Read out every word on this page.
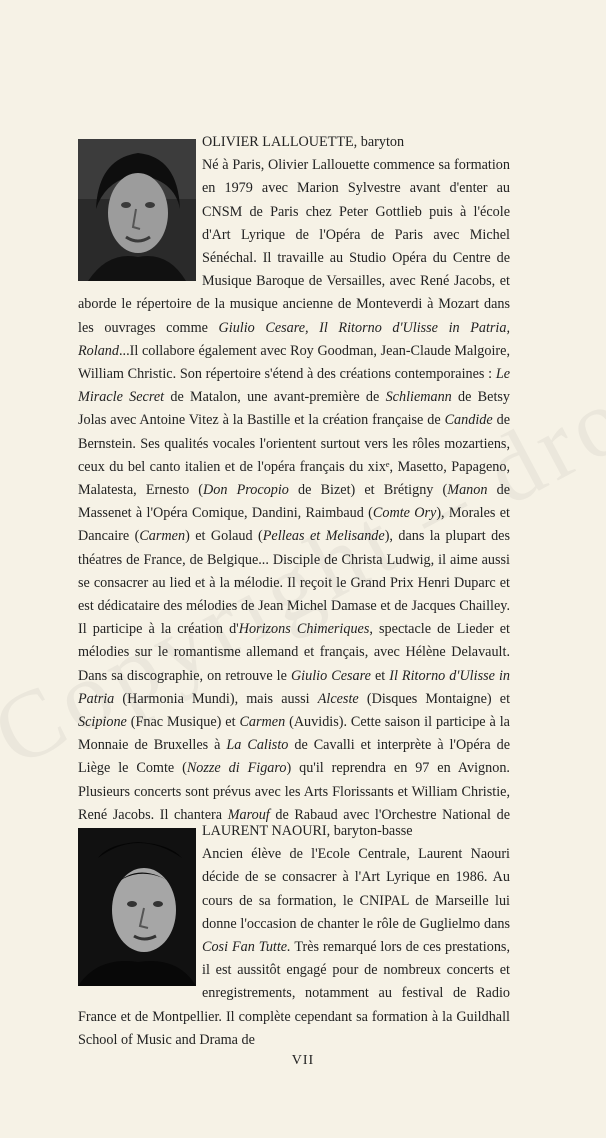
OLIVIER LALLOUETTE, baryton
Né à Paris, Olivier Lallouette commence sa formation en 1979 avec Marion Sylvestre avant d'enter au CNSM de Paris chez Peter Gottlieb puis à l'école d'Art Lyrique de l'Opéra de Paris avec Michel Sénéchal. Il travaille au Studio Opéra du Centre de Musique Baroque de Versailles, avec René Jacobs, et aborde le répertoire de la musique ancienne de Monteverdi à Mozart dans les ouvrages comme Giulio Cesare, Il Ritorno d'Ulisse in Patria, Roland...Il collabore également avec Roy Goodman, Jean-Claude Malgoire, William Christic. Son répertoire s'étend à des créations contemporaines : Le Miracle Secret de Matalon, une avant-première de Schliemann de Betsy Jolas avec Antoine Vitez à la Bastille et la création française de Candide de Bernstein. Ses qualités vocales l'orientent surtout vers les rôles mozartiens, ceux du bel canto italien et de l'opéra français du xixᵉ, Masetto, Papageno, Malatesta, Ernesto (Don Procopio de Bizet) et Brétigny (Manon de Massenet à l'Opéra Comique, Dandini, Raimbaud (Comte Ory), Morales et Dancaire (Carmen) et Golaud (Pelleas et Melisande), dans la plupart des théatres de France, de Belgique... Disciple de Christa Ludwig, il aime aussi se consacrer au lied et à la mélodie. Il reçoit le Grand Prix Henri Duparc et est dédicataire des mélodies de Jean Michel Damase et de Jacques Chailley. Il participe à la création d'Horizons Chimeriques, spectacle de Lieder et mélodies sur le romantisme allemand et français, avec Hélène Delavault. Dans sa discographie, on retrouve le Giulio Cesare et Il Ritorno d'Ulisse in Patria (Harmonia Mundi), mais aussi Alceste (Disques Montaigne) et Scipione (Fnac Musique) et Carmen (Auvidis). Cette saison il participe à la Monnaie de Bruxelles à La Calisto de Cavalli et interprète à l'Opéra de Liège le Comte (Nozze di Figaro) qu'il reprendra en 97 en Avignon. Plusieurs concerts sont prévus avec les Arts Florissants et William Christie, René Jacobs. Il chantera Marouf de Rabaud avec l'Orchestre National de
LAURENT NAOURI, baryton-basse
Ancien élève de l'Ecole Centrale, Laurent Naouri décide de se consacrer à l'Art Lyrique en 1986. Au cours de sa formation, le CNIPAL de Marseille lui donne l'occasion de chanter le rôle de Guglielmo dans Cosi Fan Tutte. Très remarqué lors de ces prestations, il est aussitôt engagé pour de nombreux concerts et enregistrements, notamment au festival de Radio France et de Montpellier. Il complète cependant sa formation à la Guildhall School of Music and Drama de
VII
